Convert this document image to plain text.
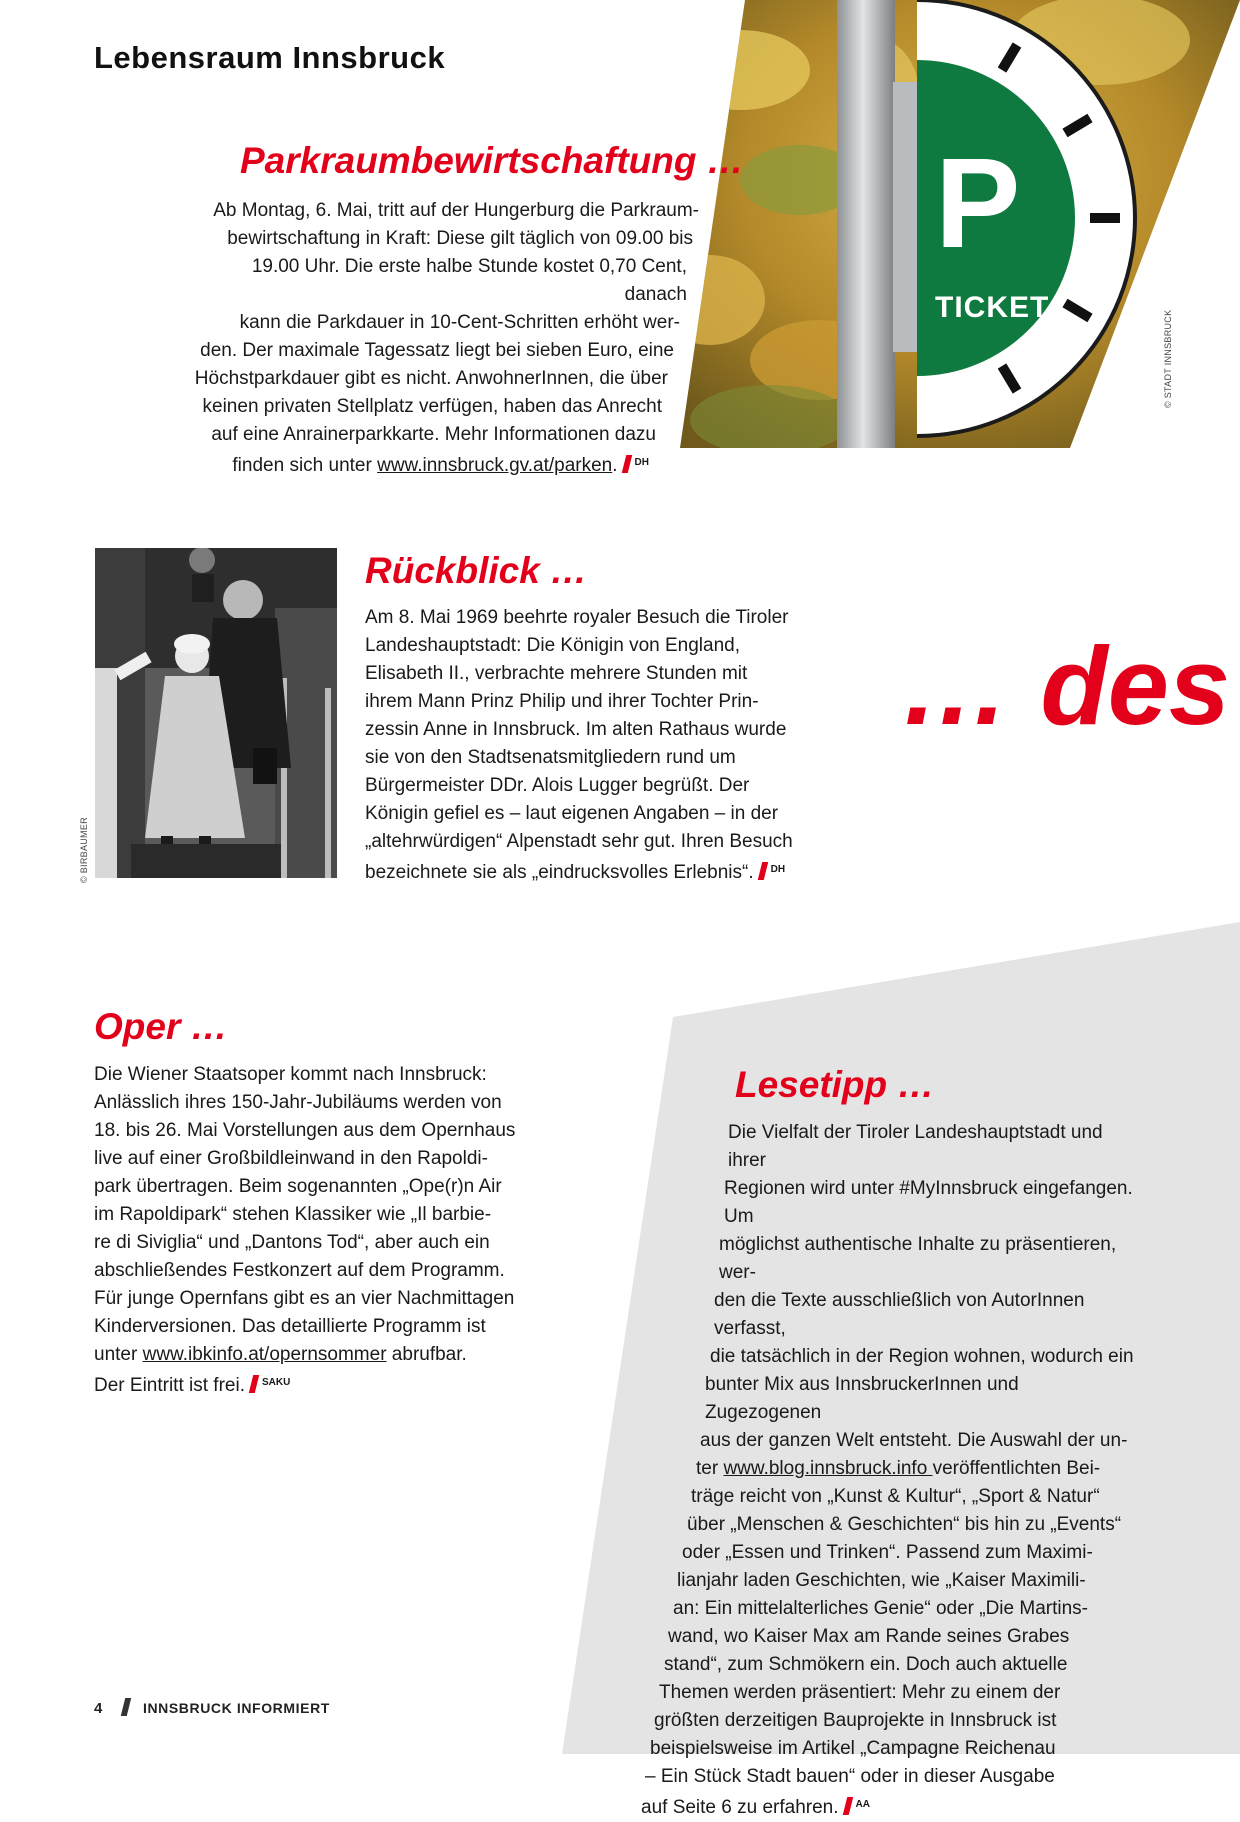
Lebensraum Innsbruck
P
TICKET
© STADT INNSBRUCK
Parkraumbewirtschaftung …

Ab Montag, 6. Mai, tritt auf der Hungerburg die Parkraum-

bewirtschaftung in Kraft: Diese gilt täglich von 09.00 bis

19.00 Uhr. Die erste halbe Stunde kostet 0,70 Cent, danach

kann die Parkdauer in 10-Cent-Schritten erhöht wer-

den. Der maximale Tagessatz liegt bei sieben Euro, eine

Höchstparkdauer gibt es nicht. AnwohnerInnen, die über

keinen privaten Stellplatz verfügen, haben das Anrecht

auf eine Anrainerparkkarte. Mehr Informationen dazu

finden sich unter www.innsbruck.gv.at/parken. $^{DH}$

© BIRBAUMER
Rückblick …

Am 8. Mai 1969 beehrte royaler Besuch die Tiroler

Landeshauptstadt: Die Königin von England,

Elisabeth II., verbrachte mehrere Stunden mit

ihrem Mann Prinz Philip und ihrer Tochter Prin-

zessin Anne in Innsbruck. Im alten Rathaus wurde

sie von den Stadtsenatsmitgliedern rund um

Bürgermeister DDr. Alois Lugger begrüßt. Der

Königin gefiel es – laut eigenen Angaben – in der

„altehrwürdigen“ Alpenstadt sehr gut. Ihren Besuch

bezeichnete sie als „eindrucksvolles Erlebnis“. $^{DH}$

… des
Oper …

Die Wiener Staatsoper kommt nach Innsbruck:

Anlässlich ihres 150-Jahr-Jubiläums werden von

18. bis 26. Mai Vorstellungen aus dem Opernhaus

live auf einer Großbildleinwand in den Rapoldi-

park übertragen. Beim sogenannten „Ope(r)n Air

im Rapoldipark“ stehen Klassiker wie „Il barbie-

re di Siviglia“ und „Dantons Tod“, aber auch ein

abschließendes Festkonzert auf dem Programm.

Für junge Opernfans gibt es an vier Nachmittagen

Kinderversionen. Das detaillierte Programm ist

unter www.ibkinfo.at/opernsommer abrufbar.

Der Eintritt ist frei. $^{SAKU}$

Lesetipp …

Die Vielfalt der Tiroler Landeshauptstadt und ihrer

Regionen wird unter #MyInnsbruck eingefangen. Um

möglichst authentische Inhalte zu präsentieren, wer-

den die Texte ausschließlich von AutorInnen verfasst,

die tatsächlich in der Region wohnen, wodurch ein

bunter Mix aus InnsbruckerInnen und Zugezogenen

aus der ganzen Welt entsteht. Die Auswahl der un-

ter www.blog.innsbruck.info veröffentlichten Bei-

träge reicht von „Kunst & Kultur“, „Sport & Natur“

über „Menschen & Geschichten“ bis hin zu „Events“

oder „Essen und Trinken“. Passend zum Maximi-

lianjahr laden Geschichten, wie „Kaiser Maximili-

an: Ein mittelalterliches Genie“ oder „Die Martins-

wand, wo Kaiser Max am Rande seines Grabes

stand“, zum Schmökern ein. Doch auch aktuelle

Themen werden präsentiert: Mehr zu einem der

größten derzeitigen Bauprojekte in Innsbruck ist

beispielsweise im Artikel „Campagne Reichenau

– Ein Stück Stadt bauen“ oder in dieser Ausgabe

auf Seite 6 zu erfahren. $^{AA}$

4	INNSBRUCK INFORMIERT
